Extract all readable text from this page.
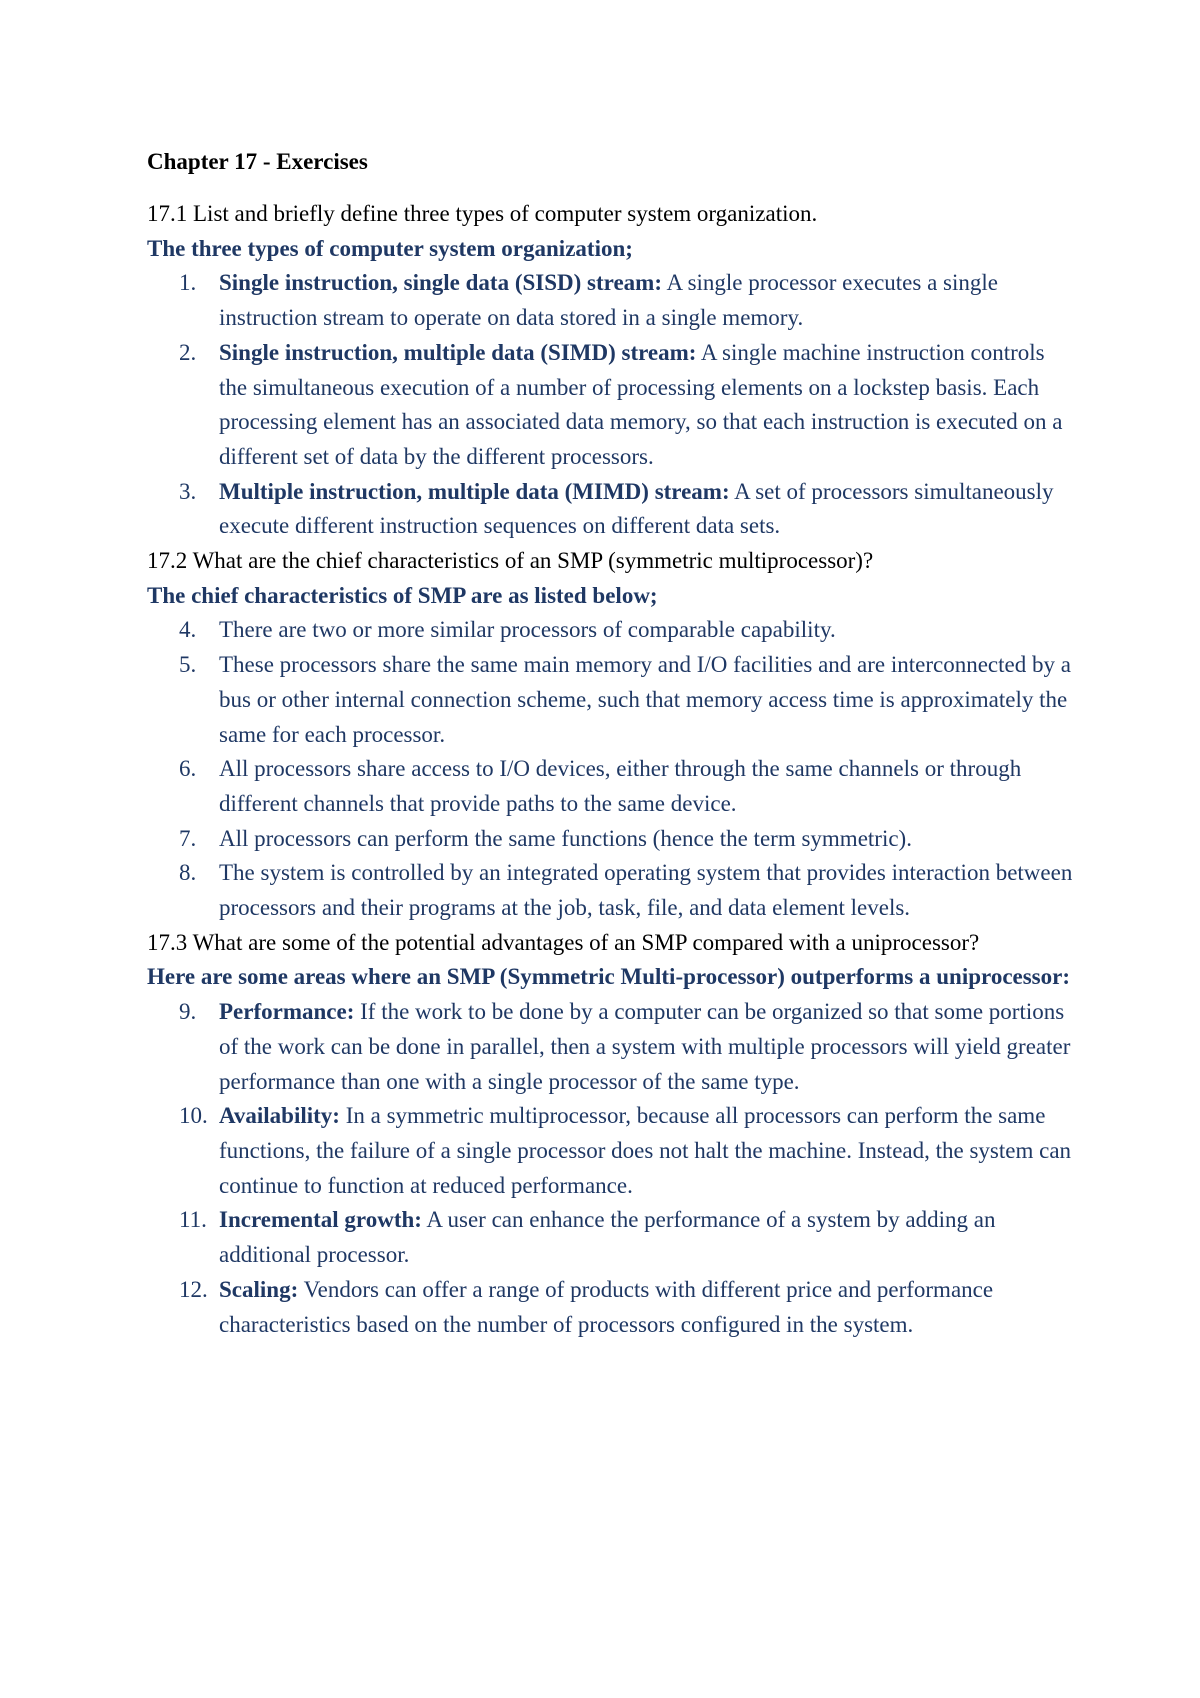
Chapter 17 - Exercises

17.1 List and briefly define three types of computer system organization.

The three types of computer system organization;

1. Single instruction, single data (SISD) stream: A single processor executes a single instruction stream to operate on data stored in a single memory.
2. Single instruction, multiple data (SIMD) stream: A single machine instruction controls the simultaneous execution of a number of processing elements on a lockstep basis. Each processing element has an associated data memory, so that each instruction is executed on a different set of data by the different processors.
3. Multiple instruction, multiple data (MIMD) stream: A set of processors simultaneously execute different instruction sequences on different data sets.

17.2 What are the chief characteristics of an SMP (symmetric multiprocessor)?

The chief characteristics of SMP are as listed below;

4. There are two or more similar processors of comparable capability.
5. These processors share the same main memory and I/O facilities and are interconnected by a bus or other internal connection scheme, such that memory access time is approximately the same for each processor.
6. All processors share access to I/O devices, either through the same channels or through different channels that provide paths to the same device.
7. All processors can perform the same functions (hence the term symmetric).
8. The system is controlled by an integrated operating system that provides interaction between processors and their programs at the job, task, file, and data element levels.

17.3 What are some of the potential advantages of an SMP compared with a uniprocessor?

Here are some areas where an SMP (Symmetric Multi-processor) outperforms a uniprocessor:

9. Performance: If the work to be done by a computer can be organized so that some portions of the work can be done in parallel, then a system with multiple processors will yield greater performance than one with a single processor of the same type.
10. Availability: In a symmetric multiprocessor, because all processors can perform the same functions, the failure of a single processor does not halt the machine. Instead, the system can continue to function at reduced performance.
11. Incremental growth: A user can enhance the performance of a system by adding an additional processor.
12. Scaling: Vendors can offer a range of products with different price and performance characteristics based on the number of processors configured in the system.
